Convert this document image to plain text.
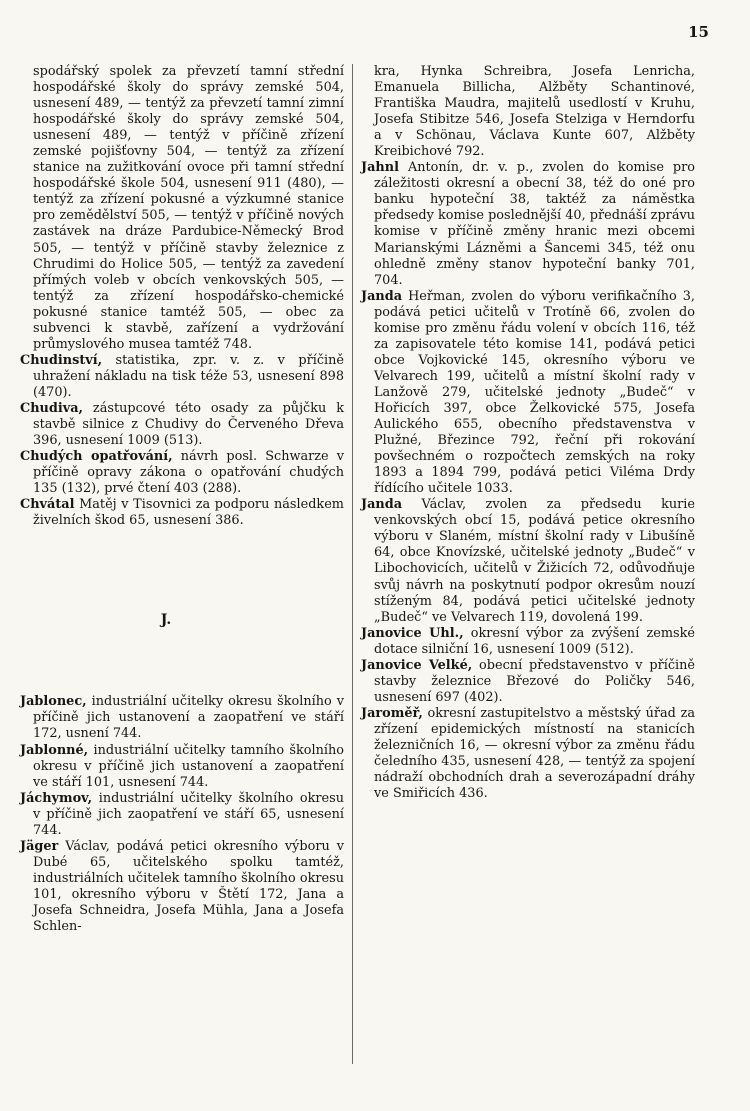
15

spodářský spolek za převzetí tamní střední hospodářské školy do správy zemské 504, usnesení 489, — tentýž za převzetí tamní zimní hospodářské školy do správy zemské 504, usnesení 489, — tentýž v příčině zřízení zemské pojišťovny 504, — tentýž za zřízení stanice na zužitkování ovoce při tamní střední hospodářské škole 504, usnesení 911 (480), — tentýž za zřízení pokusné a výzkumné stanice pro zemědělství 505, — tentýž v příčině nových zastávek na dráze Pardubice-Německý Brod 505, — tentýž v příčině stavby železnice z Chrudimi do Holice 505, — tentýž za zavedení přímých voleb v obcích venkovských 505, — tentýž za zřízení hospodářsko-chemické pokusné stanice tamtéž 505, — obec za subvenci k stavbě, zařízení a vydržování průmyslového musea tamtéž 748.

Chudinství, statistika, zpr. v. z. v příčině uhražení nákladu na tisk téže 53, usnesení 898 (470).

Chudiva, zástupcové této osady za půjčku k stavbě silnice z Chudivy do Červeného Dřeva 396, usnesení 1009 (513).

Chudých opatřování, návrh posl. Schwarze v příčině opravy zákona o opatřování chudých 135 (132), prvé čtení 403 (288).

Chvátal Matěj v Tisovnici za podporu následkem živelních škod 65, usnesení 386.

J.

Jablonec, industriální učitelky okresu školního v příčině jich ustanovení a zaopatření ve stáří 172, usnení 744.

Jablonné, industriální učitelky tamního školního okresu v příčině jich ustanovení a zaopatření ve stáří 101, usnesení 744.

Jáchymov, industriální učitelky školního okresu v příčině jich zaopatření ve stáří 65, usnesení 744.

Jäger Václav, podává petici okresního výboru v Dubé 65, učitelského spolku tamtéž, industriálních učitelek tamního školního okresu 101, okresního výboru v Štětí 172, Jana a Josefa Schneidra, Josefa Mühla, Jana a Josefa Schlen-

kra, Hynka Schreibra, Josefa Lenricha, Emanuela Billicha, Alžběty Schantinové, Františka Maudra, majitelů usedlostí v Kruhu, Josefa Stibitze 546, Josefa Stelziga v Herndorfu a v Schönau, Václava Kunte 607, Alžběty Kreibichové 792.

Jahnl Antonín, dr. v. p., zvolen do komise pro záležitosti okresní a obecní 38, též do oné pro banku hypoteční 38, taktéž za náměstka předsedy komise poslednější 40, přednáší zprávu komise v příčině změny hranic mezi obcemi Marianskými Lázněmi a Šancemi 345, též onu ohledně změny stanov hypoteční banky 701, 704.

Janda Heřman, zvolen do výboru verifikačního 3, podává petici učitelů v Trotíně 66, zvolen do komise pro změnu řádu volení v obcích 116, též za zapisovatele této komise 141, podává petici obce Vojkovické 145, okresního výboru ve Velvarech 199, učitelů a místní školní rady v Lanžově 279, učitelské jednoty „Budeč“ v Hořicích 397, obce Želkovické 575, Josefa Aulického 655, obecního představenstva v Plužné, Březince 792, řeční při rokování povšechném o rozpočtech zemských na roky 1893 a 1894 799, podává petici Viléma Drdy řídícího učitele 1033.

Janda Václav, zvolen za předsedu kurie venkovských obcí 15, podává petice okresního výboru v Slaném, místní školní rady v Libušíně 64, obce Knovízské, učitelské jednoty „Budeč“ v Libochovicích, učitelů v Žižicích 72, odůvodňuje svůj návrh na poskytnutí podpor okresům nouzí stíženým 84, podává petici učitelské jednoty „Budeč“ ve Velvarech 119, dovolená 199.

Janovice Uhl., okresní výbor za zvýšení zemské dotace silniční 16, usnesení 1009 (512).

Janovice Velké, obecní představenstvo v příčině stavby železnice Březové do Poličky 546, usnesení 697 (402).

Jaroměř, okresní zastupitelstvo a městský úřad za zřízení epidemických místností na stanicích železničních 16, — okresní výbor za změnu řádu čeledního 435, usnesení 428, — tentýž za spojení nádraží obchodních drah a severozápadní dráhy ve Smiřicích 436.
